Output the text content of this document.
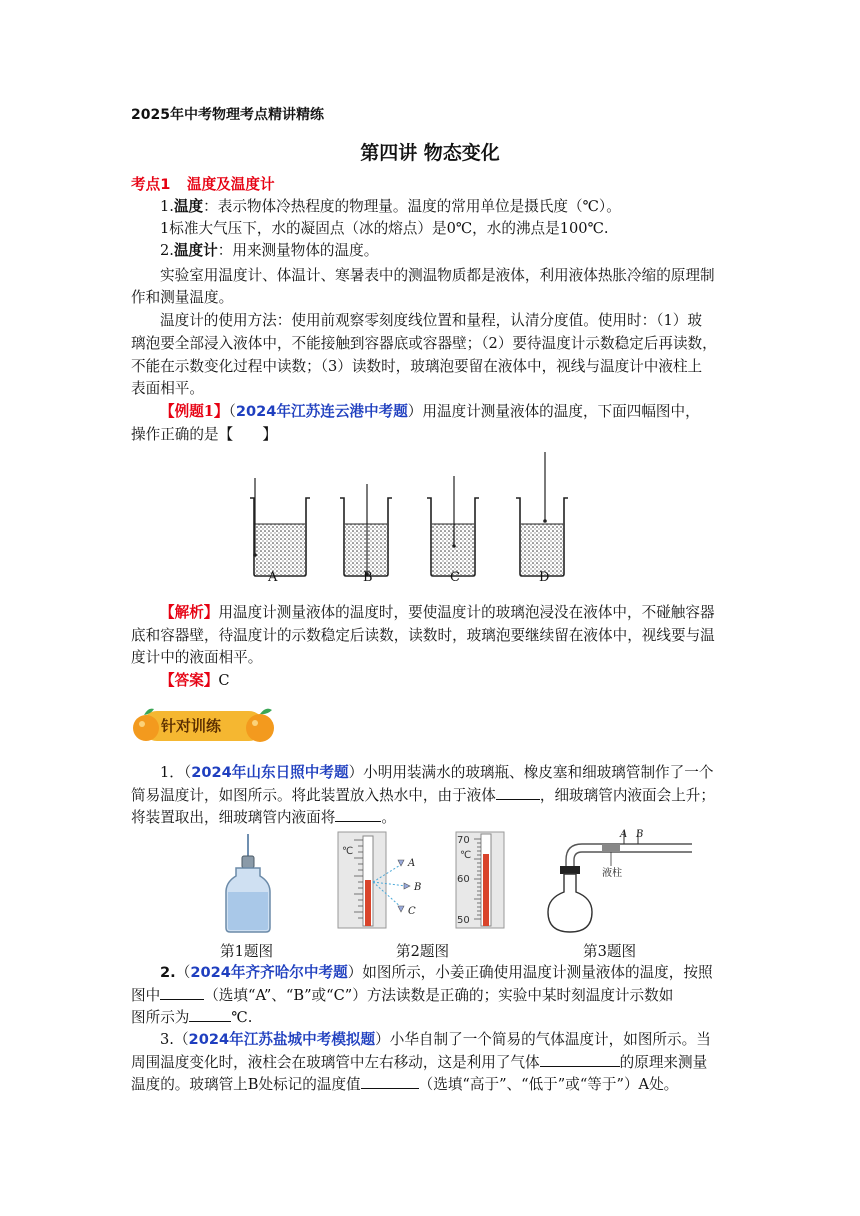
2025年中考物理考点精讲精练
第四讲 物态变化
考点1 温度及温度计
1.温度：表示物体冷热程度的物理量。温度的常用单位是摄氏度（℃）。
1标准大气压下，水的凝固点（冰的熔点）是0℃，水的沸点是100℃.
2.温度计：用来测量物体的温度。
实验室用温度计、体温计、寒暑表中的测温物质都是液体，利用液体热胀冷缩的原理制
作和测量温度。
温度计的使用方法：使用前观察零刻度线位置和量程，认清分度值。使用时：（1）玻
璃泡要全部浸入液体中，不能接触到容器底或容器壁；（2）要待温度计示数稳定后再读数，
不能在示数变化过程中读数；（3）读数时，玻璃泡要留在液体中，视线与温度计中液柱上
表面相平。
【例题1】（2024年江苏连云港中考题）用温度计测量液体的温度，下面四幅图中，
操作正确的是【　　】
A	B	C	D
【解析】用温度计测量液体的温度时，要使温度计的玻璃泡浸没在液体中，不碰触容器
底和容器壁，待温度计的示数稳定后读数，读数时，玻璃泡要继续留在液体中，视线要与温
度计中的液面相平。
【答案】C
针对训练
1．（2024年山东日照中考题）小明用装满水的玻璃瓶、橡皮塞和细玻璃管制作了一个
简易温度计，如图所示。将此装置放入热水中，由于液体	，细玻璃管内液面会上升；
将装置取出，细玻璃管内液面将	。
℃
A
B
C
70
℃
60
50
A B
液柱
第1题图	第2题图	第3题图
2.（2024年齐齐哈尔中考题）如图所示，小姜正确使用温度计测量液体的温度，按照
图中	（选填“A”、“B”或“C”）方法读数是正确的；实验中某时刻温度计示数如
图所示为	℃.
3.（2024年江苏盐城中考模拟题）小华自制了一个简易的气体温度计，如图所示。当
周围温度变化时，液柱会在玻璃管中左右移动，这是利用了气体	的原理来测量
温度的。玻璃管上B处标记的温度值	（选填“高于”、“低于”或“等于”）A处。
